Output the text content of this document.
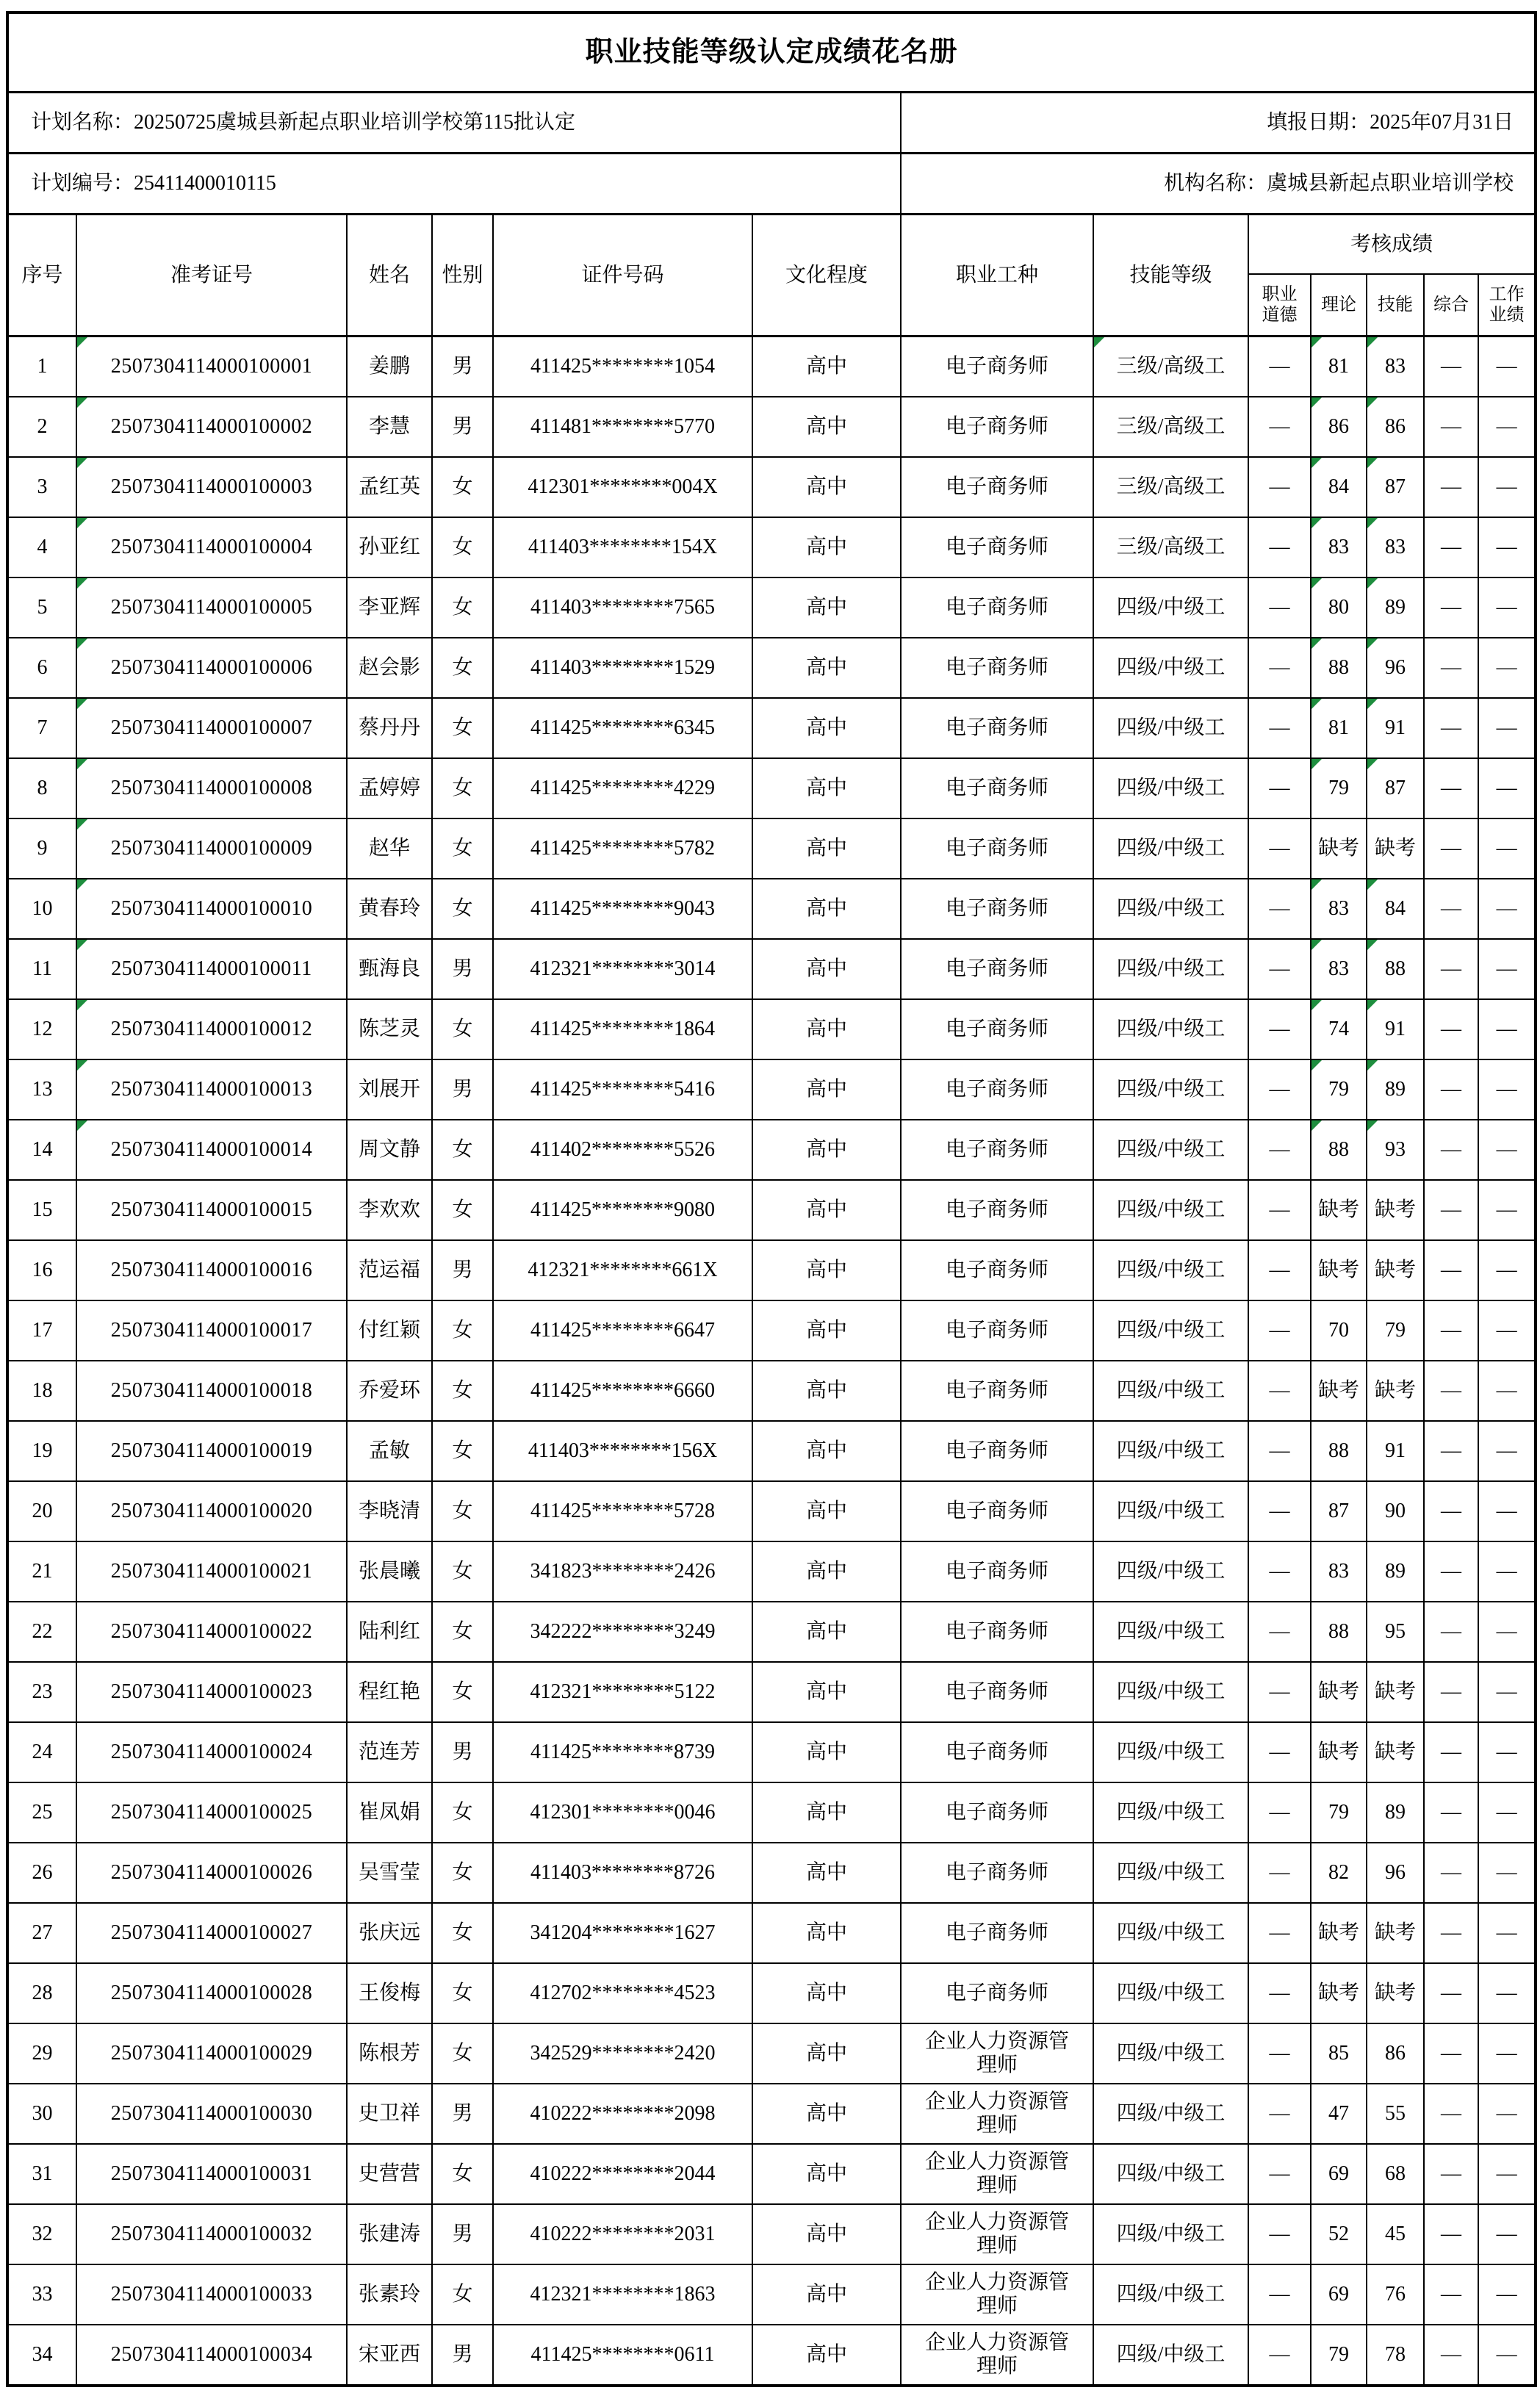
职业技能等级认定成绩花名册												
计划名称：20250725虞城县新起点职业培训学校第115批认定						填报日期：2025年07月31日						
计划编号：25411400010115						机构名称：虞城县新起点职业培训学校						
序号	准考证号	姓名	性别	证件号码	文化程度	职业工种	技能等级	考核成绩				
								职业道德	理论	技能	综合	工作业绩
1	2507304114000100001	姜鹏	男	411425********1054	高中	电子商务师	三级/高级工	—	81	83	—	—
2	2507304114000100002	李慧	男	411481********5770	高中	电子商务师	三级/高级工	—	86	86	—	—
3	2507304114000100003	孟红英	女	412301********004X	高中	电子商务师	三级/高级工	—	84	87	—	—
4	2507304114000100004	孙亚红	女	411403********154X	高中	电子商务师	三级/高级工	—	83	83	—	—
5	2507304114000100005	李亚辉	女	411403********7565	高中	电子商务师	四级/中级工	—	80	89	—	—
6	2507304114000100006	赵会影	女	411403********1529	高中	电子商务师	四级/中级工	—	88	96	—	—
7	2507304114000100007	蔡丹丹	女	411425********6345	高中	电子商务师	四级/中级工	—	81	91	—	—
8	2507304114000100008	孟婷婷	女	411425********4229	高中	电子商务师	四级/中级工	—	79	87	—	—
9	2507304114000100009	赵华	女	411425********5782	高中	电子商务师	四级/中级工	—	缺考	缺考	—	—
10	2507304114000100010	黄春玲	女	411425********9043	高中	电子商务师	四级/中级工	—	83	84	—	—
11	2507304114000100011	甄海良	男	412321********3014	高中	电子商务师	四级/中级工	—	83	88	—	—
12	2507304114000100012	陈芝灵	女	411425********1864	高中	电子商务师	四级/中级工	—	74	91	—	—
13	2507304114000100013	刘展开	男	411425********5416	高中	电子商务师	四级/中级工	—	79	89	—	—
14	2507304114000100014	周文静	女	411402********5526	高中	电子商务师	四级/中级工	—	88	93	—	—
15	2507304114000100015	李欢欢	女	411425********9080	高中	电子商务师	四级/中级工	—	缺考	缺考	—	—
16	2507304114000100016	范运福	男	412321********661X	高中	电子商务师	四级/中级工	—	缺考	缺考	—	—
17	2507304114000100017	付红颖	女	411425********6647	高中	电子商务师	四级/中级工	—	70	79	—	—
18	2507304114000100018	乔爱环	女	411425********6660	高中	电子商务师	四级/中级工	—	缺考	缺考	—	—
19	2507304114000100019	孟敏	女	411403********156X	高中	电子商务师	四级/中级工	—	88	91	—	—
20	2507304114000100020	李晓清	女	411425********5728	高中	电子商务师	四级/中级工	—	87	90	—	—
21	2507304114000100021	张晨曦	女	341823********2426	高中	电子商务师	四级/中级工	—	83	89	—	—
22	2507304114000100022	陆利红	女	342222********3249	高中	电子商务师	四级/中级工	—	88	95	—	—
23	2507304114000100023	程红艳	女	412321********5122	高中	电子商务师	四级/中级工	—	缺考	缺考	—	—
24	2507304114000100024	范连芳	男	411425********8739	高中	电子商务师	四级/中级工	—	缺考	缺考	—	—
25	2507304114000100025	崔凤娟	女	412301********0046	高中	电子商务师	四级/中级工	—	79	89	—	—
26	2507304114000100026	吴雪莹	女	411403********8726	高中	电子商务师	四级/中级工	—	82	96	—	—
27	2507304114000100027	张庆远	女	341204********1627	高中	电子商务师	四级/中级工	—	缺考	缺考	—	—
28	2507304114000100028	王俊梅	女	412702********4523	高中	电子商务师	四级/中级工	—	缺考	缺考	—	—
29	2507304114000100029	陈根芳	女	342529********2420	高中	企业人力资源管理师	四级/中级工	—	85	86	—	—
30	2507304114000100030	史卫祥	男	410222********2098	高中	企业人力资源管理师	四级/中级工	—	47	55	—	—
31	2507304114000100031	史营营	女	410222********2044	高中	企业人力资源管理师	四级/中级工	—	69	68	—	—
32	2507304114000100032	张建涛	男	410222********2031	高中	企业人力资源管理师	四级/中级工	—	52	45	—	—
33	2507304114000100033	张素玲	女	412321********1863	高中	企业人力资源管理师	四级/中级工	—	69	76	—	—
34	2507304114000100034	宋亚西	男	411425********0611	高中	企业人力资源管理师	四级/中级工	—	79	78	—	—
